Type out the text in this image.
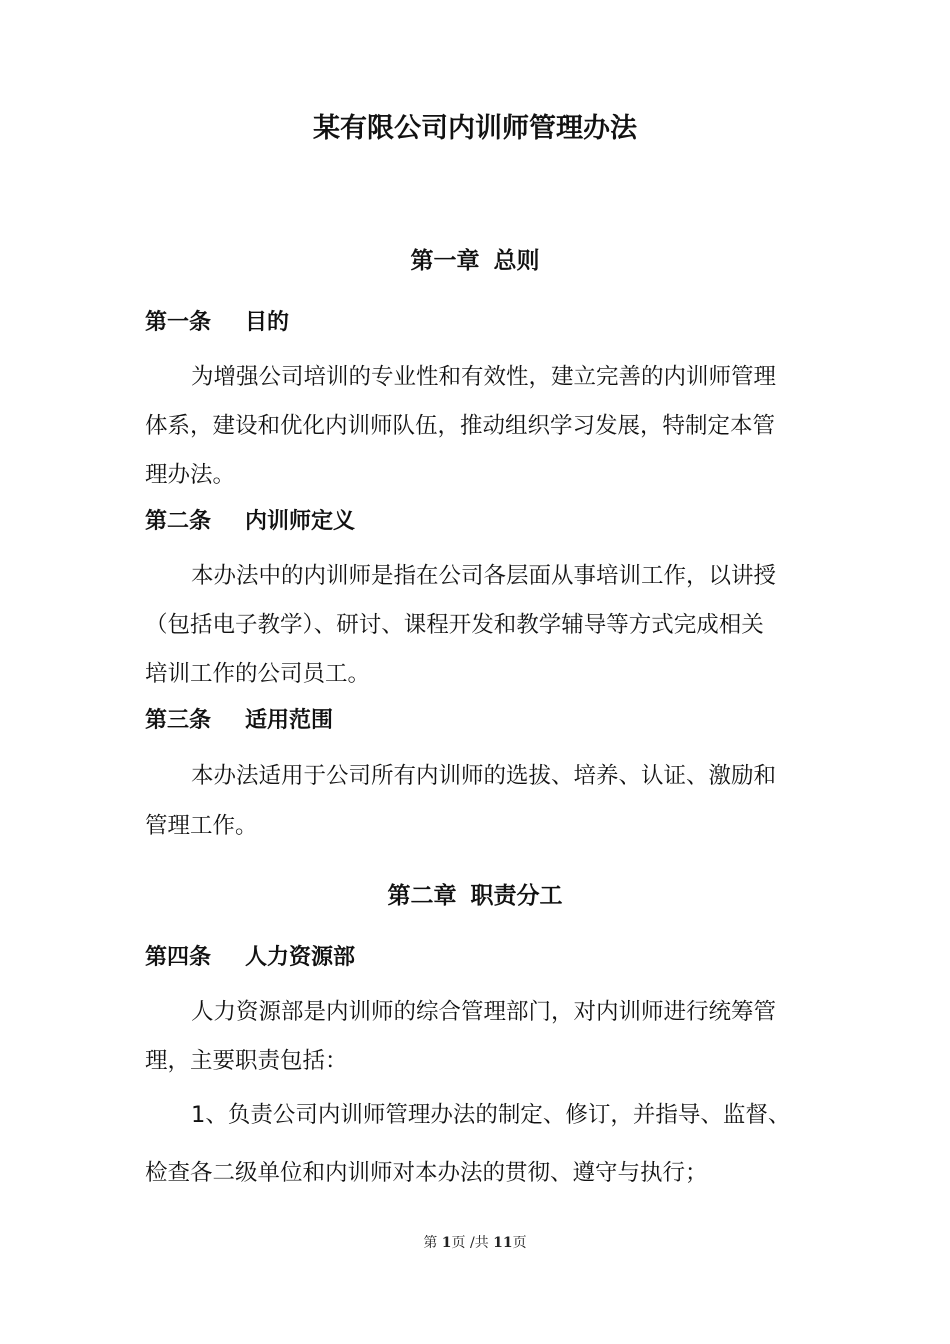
某有限公司内训师管理办法
第一章 总则
第一条 目的
为增强公司培训的专业性和有效性，建立完善的内训师管理
体系，建设和优化内训师队伍，推动组织学习发展，特制定本管
理办法。
第二条 内训师定义
本办法中的内训师是指在公司各层面从事培训工作，以讲授
（包括电子教学）、研讨、课程开发和教学辅导等方式完成相关
培训工作的公司员工。
第三条 适用范围
本办法适用于公司所有内训师的选拔、培养、认证、激励和
管理工作。
第二章 职责分工
第四条 人力资源部
人力资源部是内训师的综合管理部门，对内训师进行统筹管
理，主要职责包括：
1、负责公司内训师管理办法的制定、修订，并指导、监督、
检查各二级单位和内训师对本办法的贯彻、遵守与执行；
第 1页 /共 11页
